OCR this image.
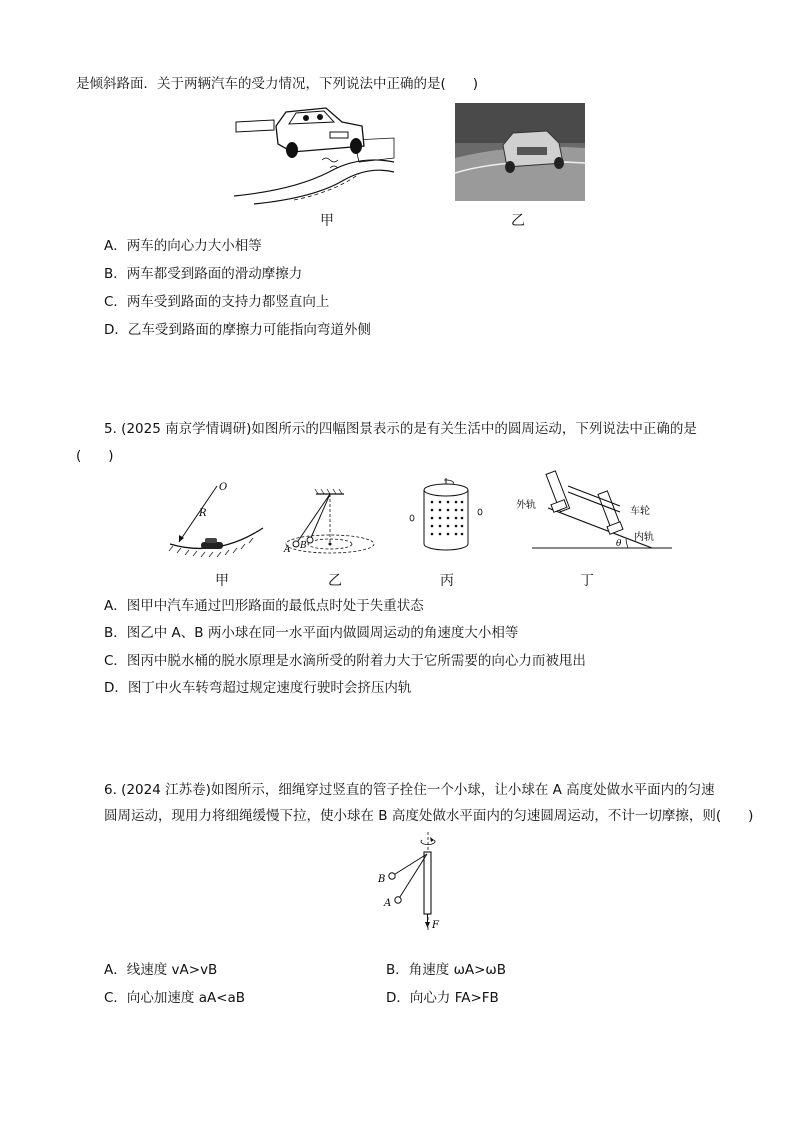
是倾斜路面．关于两辆汽车的受力情况，下列说法中正确的是(　　)
甲	乙
A．两车的向心力大小相等
B．两车都受到路面的滑动摩擦力
C．两车受到路面的支持力都竖直向上
D．乙车受到路面的摩擦力可能指向弯道外侧
5. (2025 南京学情调研)如图所示的四幅图景表示的是有关生活中的圆周运动，下列说法中正确的是
(　　)
O
R
A B
外轨
车轮
内轨
θ
甲	乙	丙	丁
A．图甲中汽车通过凹形路面的最低点时处于失重状态
B．图乙中 A、B 两小球在同一水平面内做圆周运动的角速度大小相等
C．图丙中脱水桶的脱水原理是水滴所受的附着力大于它所需要的向心力而被甩出
D．图丁中火车转弯超过规定速度行驶时会挤压内轨
6. (2024 江苏卷)如图所示，细绳穿过竖直的管子拴住一个小球，让小球在 A 高度处做水平面内的匀速
圆周运动，现用力将细绳缓慢下拉，使小球在 B 高度处做水平面内的匀速圆周运动，不计一切摩擦，则(　　)
B
A
F
A．线速度 vA>vB	B．角速度 ωA>ωB
C．向心加速度 aA<aB	D．向心力 FA>FB
